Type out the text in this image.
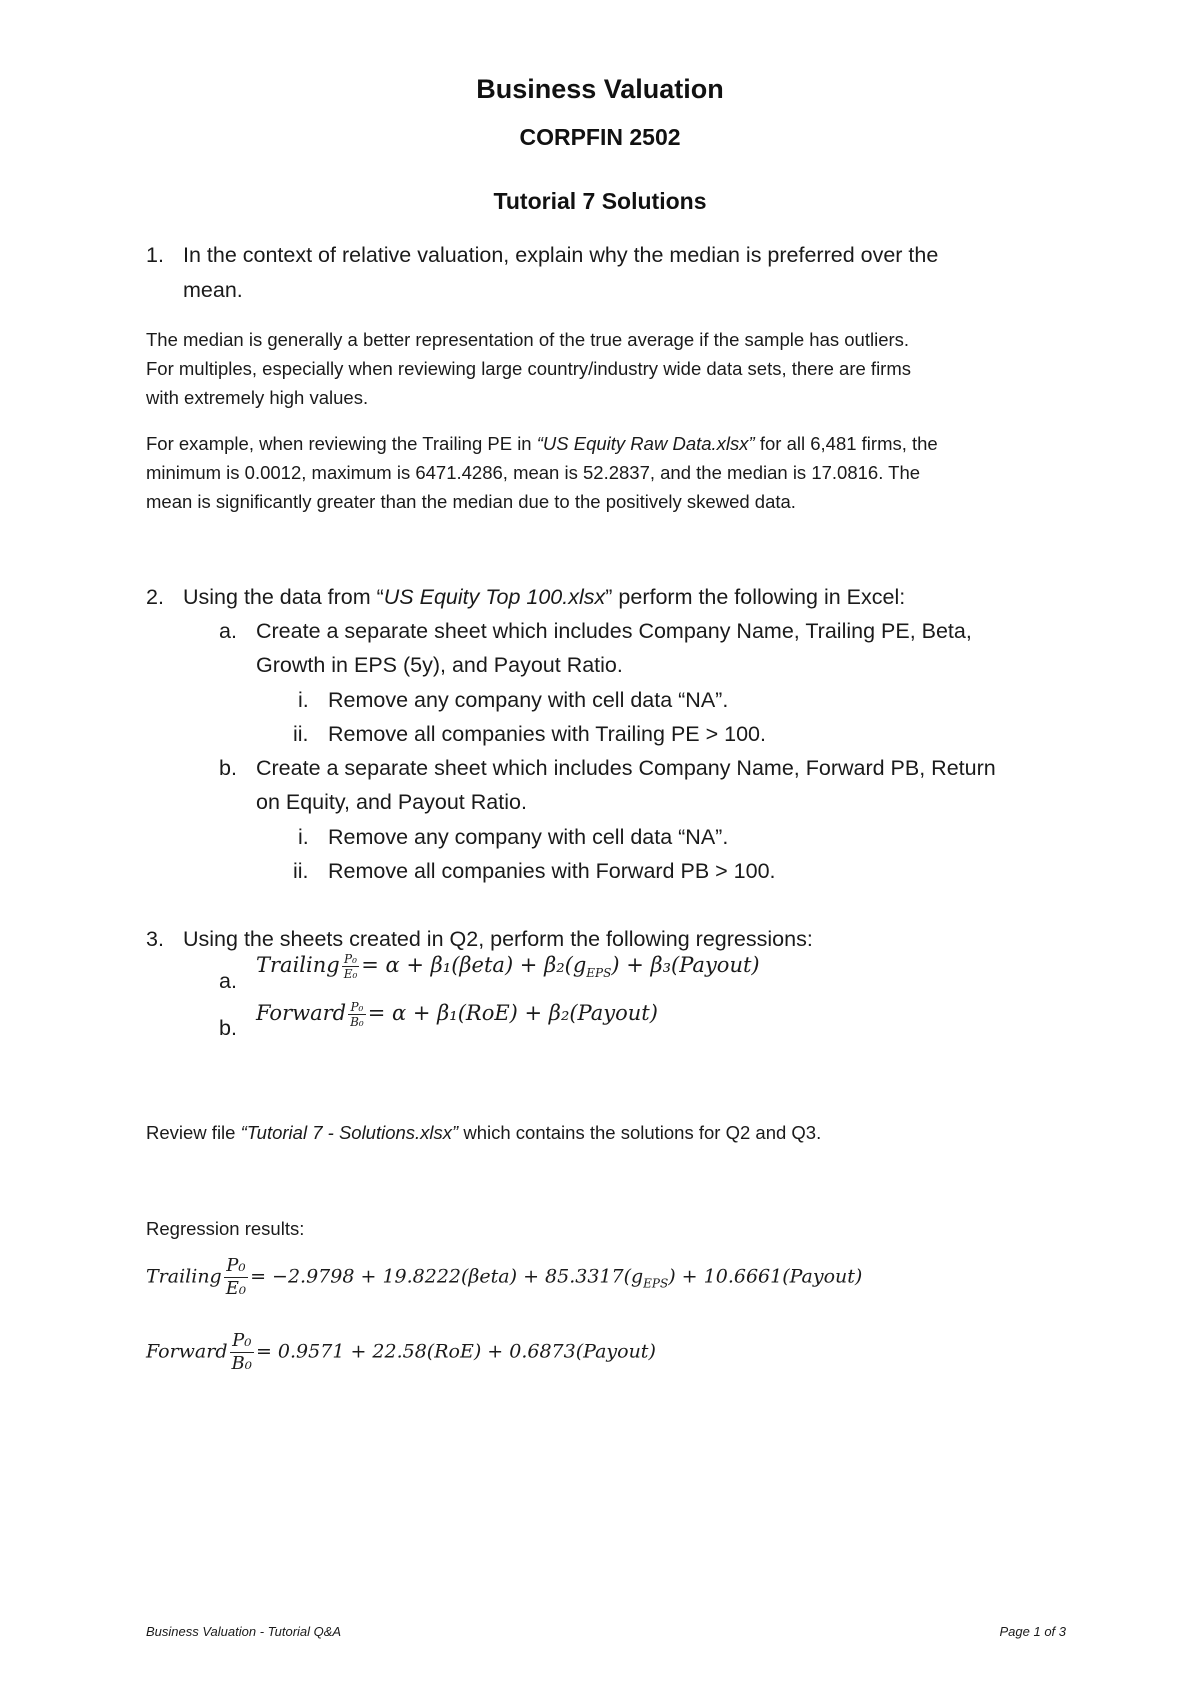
Business Valuation
CORPFIN 2502
Tutorial 7 Solutions
1. In the context of relative valuation, explain why the median is preferred over the
mean.
The median is generally a better representation of the true average if the sample has outliers.
For multiples, especially when reviewing large country/industry wide data sets, there are firms
with extremely high values.
For example, when reviewing the Trailing PE in “US Equity Raw Data.xlsx” for all 6,481 firms, the
minimum is 0.0012, maximum is 6471.4286, mean is 52.2837, and the median is 17.0816. The
mean is significantly greater than the median due to the positively skewed data.
2. Using the data from “US Equity Top 100.xlsx” perform the following in Excel:
a. Create a separate sheet which includes Company Name, Trailing PE, Beta,
Growth in EPS (5y), and Payout Ratio.
i. Remove any company with cell data “NA”.
ii. Remove all companies with Trailing PE > 100.
b. Create a separate sheet which includes Company Name, Forward PB, Return
on Equity, and Payout Ratio.
i. Remove any company with cell data “NA”.
ii. Remove all companies with Forward PB > 100.
3. Using the sheets created in Q2, perform the following regressions:
a.
Trailing $\frac{\text{P₀}}{\text{E₀}} = \alpha + \beta_1(\beta eta) + \beta_2(g_{EPS})$ + β₃(Payout)
b.
Forward $\frac{\text{P₀}}{\text{B₀}} = \alpha + \beta_1(RoE)$ + β₂(Payout)
Review file “Tutorial 7 - Solutions.xlsx” which contains the solutions for Q2 and Q3.
Regression results:
Trailing $\frac{\text{P₀}}{\text{E₀}} = -2.9798 + 19.8222(\beta eta) + 85.3317(g_{EPS})$ + 10.6661(Payout)
Forward $\frac{\text{P₀}}{\text{B₀}} = 0.9571 + 22.58(RoE)$ + 0.6873(Payout)
Business Valuation - Tutorial Q&A	Page 1 of 3
